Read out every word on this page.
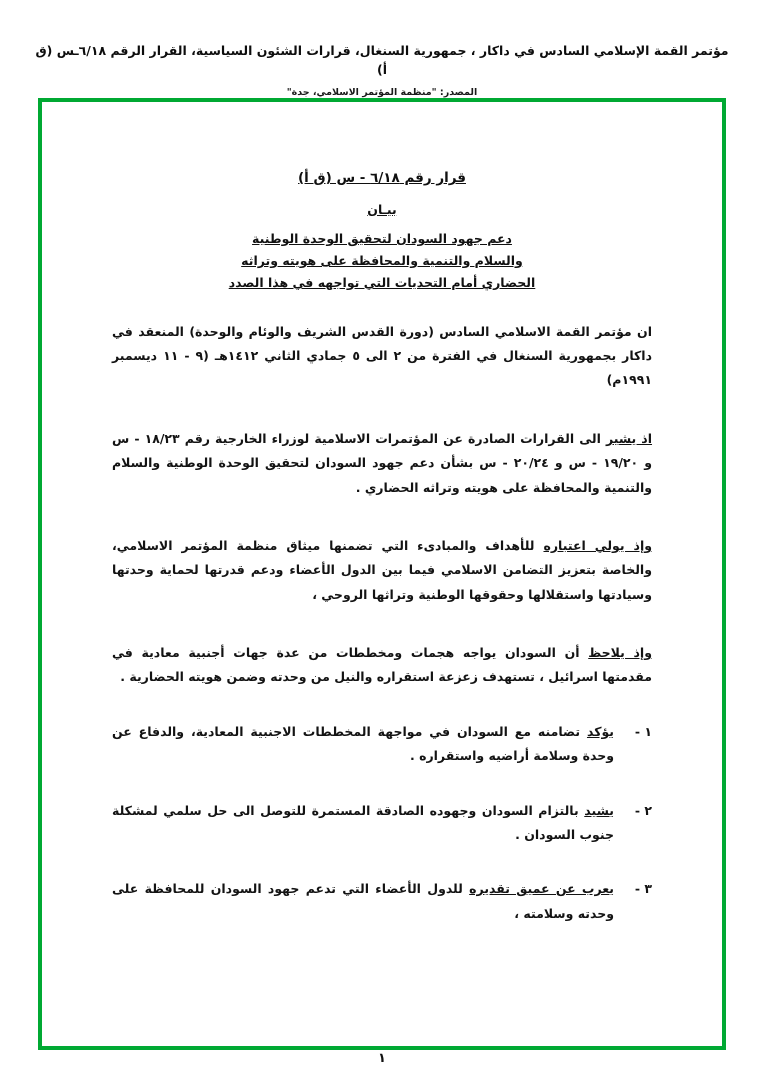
مؤتمر القمة الإسلامي السادس في داكار ، جمهورية السنغال، قرارات الشئون السياسية، القرار الرقم ٦/١٨ـس (ق أ)
المصدر: "منظمة المؤتمر الاسلامي، جدة"
قرار رقم ٦/١٨ - س (ق أ)
بيـان
دعم جهود السودان لتحقيق الوحدة الوطنية
والسلام والتنمية والمحافظة على هويته وتراثه
الحضاري أمام التحديات التي تواجهه في هذا الصدد
ان مؤتمر القمة الاسلامي السادس (دورة القدس الشريف والوئام والوحدة) المنعقد في داكار بجمهورية السنغال في الفترة من ٢ الى ٥ جمادي الثاني ١٤١٢هـ (٩ - ١١ ديسمبر ١٩٩١م)
اذ يشير الى القرارات الصادرة عن المؤتمرات الاسلامية لوزراء الخارجية رقم ١٨/٢٣ - س و ١٩/٢٠ - س و ٢٠/٢٤ - س بشأن دعم جهود السودان لتحقيق الوحدة الوطنية والسلام والتنمية والمحافظة على هويته وتراثه الحضاري .
وإذ يولي اعتباره للأهداف والمبادىء التي تضمنها ميثاق منظمة المؤتمر الاسلامي، والخاصة بتعزيز التضامن الاسلامي فيما بين الدول الأعضاء ودعم قدرتها لحماية وحدتها وسيادتها واستقلالها وحقوقها الوطنية وتراثها الروحي ،
وإذ يلاحظ أن السودان يواجه هجمات ومخططات من عدة جهات أجنبية معادية في مقدمتها اسرائيل ، تستهدف زعزعة استقراره والنيل من وحدته وضمن هويته الحضارية .
١ -
يؤكد تضامنه مع السودان في مواجهة المخططات الاجنبية المعادية، والدفاع عن وحدة وسلامة أراضيه واستقراره .
٢ -
يشيد بالتزام السودان وجهوده الصادقة المستمرة للتوصل الى حل سلمي لمشكلة جنوب السودان .
٣ -
يعرب عن عميق تقديره للدول الأعضاء التي تدعم جهود السودان للمحافظة على وحدته وسلامته ،
١
